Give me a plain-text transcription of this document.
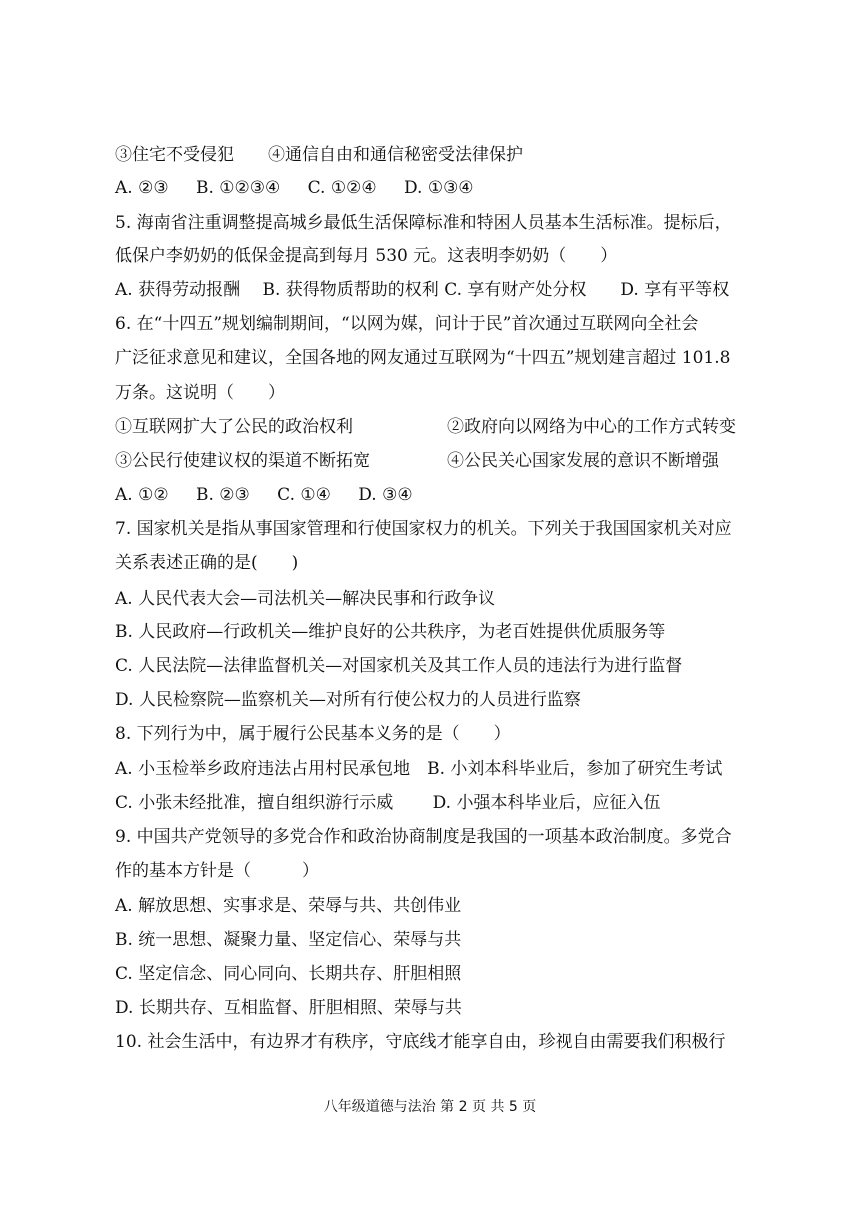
③住宅不受侵犯　　④通信自由和通信秘密受法律保护
A. ②③ B. ①②③④ C. ①②④ D. ①③④
5. 海南省注重调整提高城乡最低生活保障标准和特困人员基本生活标准。提标后，
低保户李奶奶的低保金提高到每月 530 元。这表明李奶奶（　　）
A. 获得劳动报酬　 B. 获得物质帮助的权利 C. 享有财产处分权　　D. 享有平等权
6. 在“十四五”规划编制期间，“以网为媒，问计于民”首次通过互联网向全社会
广泛征求意见和建议，全国各地的网友通过互联网为“十四五”规划建言超过 101.8
万条。这说明（　　）
①互联网扩大了公民的政治权利	②政府向以网络为中心的工作方式转变
③公民行使建议权的渠道不断拓宽	④公民关心国家发展的意识不断增强
A. ①② B. ②③ C. ①④ D. ③④
7. 国家机关是指从事国家管理和行使国家权力的机关。下列关于我国国家机关对应
关系表述正确的是(　　)
A. 人民代表大会—司法机关—解决民事和行政争议
B. 人民政府—行政机关—维护良好的公共秩序，为老百姓提供优质服务等
C. 人民法院—法律监督机关—对国家机关及其工作人员的违法行为进行监督
D. 人民检察院—监察机关—对所有行使公权力的人员进行监察
8. 下列行为中，属于履行公民基本义务的是（　　）
A. 小玉检举乡政府违法占用村民承包地　B. 小刘本科毕业后，参加了研究生考试
C. 小张未经批准，擅自组织游行示威　　 D. 小强本科毕业后，应征入伍
9. 中国共产党领导的多党合作和政治协商制度是我国的一项基本政治制度。多党合
作的基本方针是（　　　）
A. 解放思想、实事求是、荣辱与共、共创伟业
B. 统一思想、凝聚力量、坚定信心、荣辱与共
C. 坚定信念、同心同向、长期共存、肝胆相照
D. 长期共存、互相监督、肝胆相照、荣辱与共
10. 社会生活中，有边界才有秩序，守底线才能享自由，珍视自由需要我们积极行
八年级道德与法治 第 2 页 共 5 页
